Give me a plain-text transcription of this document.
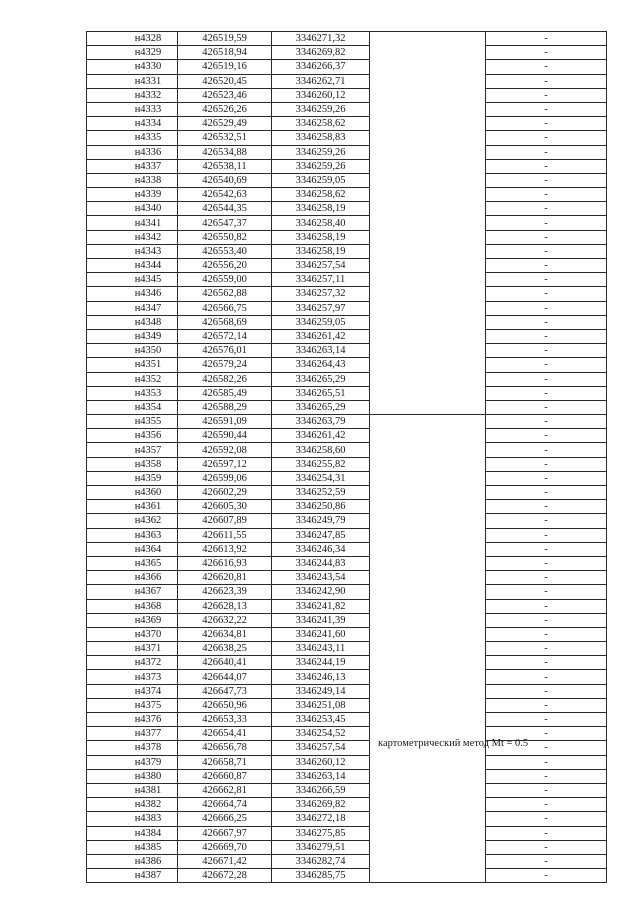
н4328	426519,59	3346271,32		-
н4329	426518,94	3346269,82		-
н4330	426519,16	3346266,37		-
н4331	426520,45	3346262,71		-
н4332	426523,46	3346260,12		-
н4333	426526,26	3346259,26		-
н4334	426529,49	3346258,62		-
н4335	426532,51	3346258,83		-
н4336	426534,88	3346259,26		-
н4337	426538,11	3346259,26		-
н4338	426540,69	3346259,05		-
н4339	426542,63	3346258,62		-
н4340	426544,35	3346258,19		-
н4341	426547,37	3346258,40		-
н4342	426550,82	3346258,19		-
н4343	426553,40	3346258,19		-
н4344	426556,20	3346257,54		-
н4345	426559,00	3346257,11		-
н4346	426562,88	3346257,32		-
н4347	426566,75	3346257,97		-
н4348	426568,69	3346259,05		-
н4349	426572,14	3346261,42		-
н4350	426576,01	3346263,14		-
н4351	426579,24	3346264,43		-
н4352	426582,26	3346265,29		-
н4353	426585,49	3346265,51		-
н4354	426588,29	3346265,29		-
н4355	426591,09	3346263,79	картометрический метод Mt = 0.5	-
н4356	426590,44	3346261,42		-
н4357	426592,08	3346258,60		-
н4358	426597,12	3346255,82		-
н4359	426599,06	3346254,31		-
н4360	426602,29	3346252,59		-
н4361	426605,30	3346250,86		-
н4362	426607,89	3346249,79		-
н4363	426611,55	3346247,85		-
н4364	426613,92	3346246,34		-
н4365	426616,93	3346244,83		-
н4366	426620,81	3346243,54		-
н4367	426623,39	3346242,90		-
н4368	426628,13	3346241,82		-
н4369	426632,22	3346241,39		-
н4370	426634,81	3346241,60		-
н4371	426638,25	3346243,11		-
н4372	426640,41	3346244,19		-
н4373	426644,07	3346246,13		-
н4374	426647,73	3346249,14		-
н4375	426650,96	3346251,08		-
н4376	426653,33	3346253,45		-
н4377	426654,41	3346254,52		-
н4378	426656,78	3346257,54		-
н4379	426658,71	3346260,12		-
н4380	426660,87	3346263,14		-
н4381	426662,81	3346266,59		-
н4382	426664,74	3346269,82		-
н4383	426666,25	3346272,18		-
н4384	426667,97	3346275,85		-
н4385	426669,70	3346279,51		-
н4386	426671,42	3346282,74		-
н4387	426672,28	3346285,75		-
